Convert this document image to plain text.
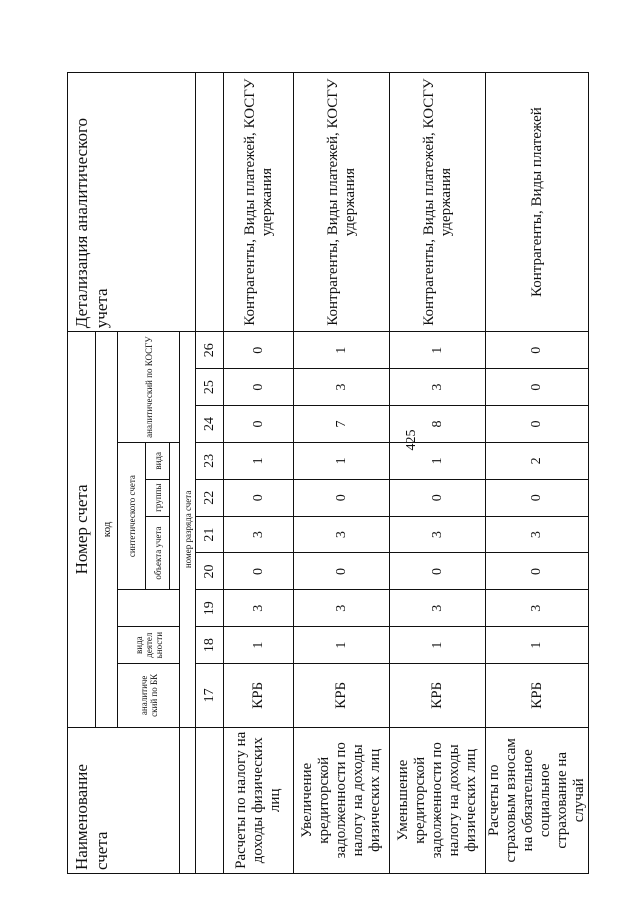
425
Наименование счета	Номер счета										Детализация аналитического учета
	код										
	аналитиче ский по БК	вида деятел ьности		синтетического счета				аналитический по КОСГУ			
				объекта учета		группы	вида				

	номер разряда счета										
	17	18	19	20	21	22	23	24	25	26	
Расчеты по налогу на доходы физических лиц	КРБ	1	3	0	3	0	1	0	0	0	Контрагенты, Виды платежей, КОСГУ удержания
Увеличение кредиторской задолженности по налогу на доходы физических лиц	КРБ	1	3	0	3	0	1	7	3	1	Контрагенты, Виды платежей, КОСГУ удержания
Уменьшение кредиторской задолженности по налогу на доходы физических лиц	КРБ	1	3	0	3	0	1	8	3	1	Контрагенты, Виды платежей, КОСГУ удержания
Расчеты по страховым взносам на обязательное социальное страхование на случай	КРБ	1	3	0	3	0	2	0	0	0	Контрагенты, Виды платежей
